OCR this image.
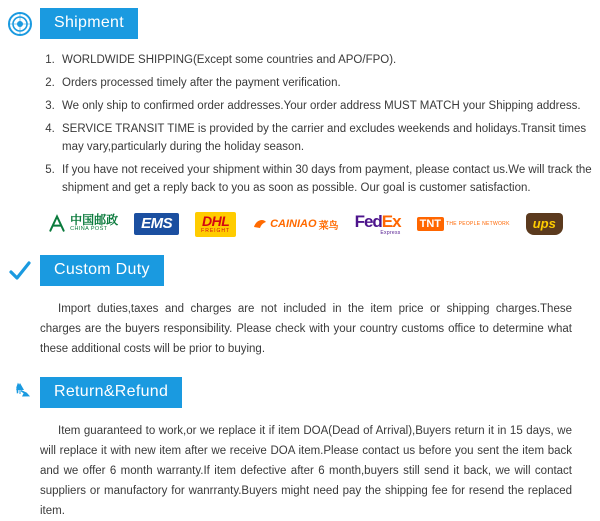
Shipment
1. WORLDWIDE SHIPPING(Except some countries and APO/FPO).
2. Orders processed timely after the payment verification.
3. We only ship to confirmed order addresses.Your order address MUST MATCH your Shipping address.
4. SERVICE TRANSIT TIME is provided by the carrier and excludes weekends and holidays.Transit times may vary,particularly during the holiday season.
5. If you have not received your shipment within 30 days from payment, please contact us.We will track the shipment and get a reply back to you as soon as possible. Our goal is customer satisfaction.
中国邮政
CHINA POST	EMS	DHL
FREIGHT
CAINIAO 菜鸟 FedEx
Express
TNT	THE PEOPLE NETWORK	ups
Custom Duty

Import duties,taxes and charges are not included in the item price or shipping charges.These charges are the buyers responsibility. Please check with your country customs office to determine what these additional costs will be prior to buying.

Return&Refund

Item guaranteed to work,or we replace it if item DOA(Dead of Arrival),Buyers return it in 15 days, we will replace it with new item after we receive DOA item.Please contact us before you sent the item back and we offer 6 month warranty.If item defective after 6 month,buyers still send it back, we will contact suppliers or manufactory for wanrranty.Buyers might need pay the shipping fee for resend the replaced item.
